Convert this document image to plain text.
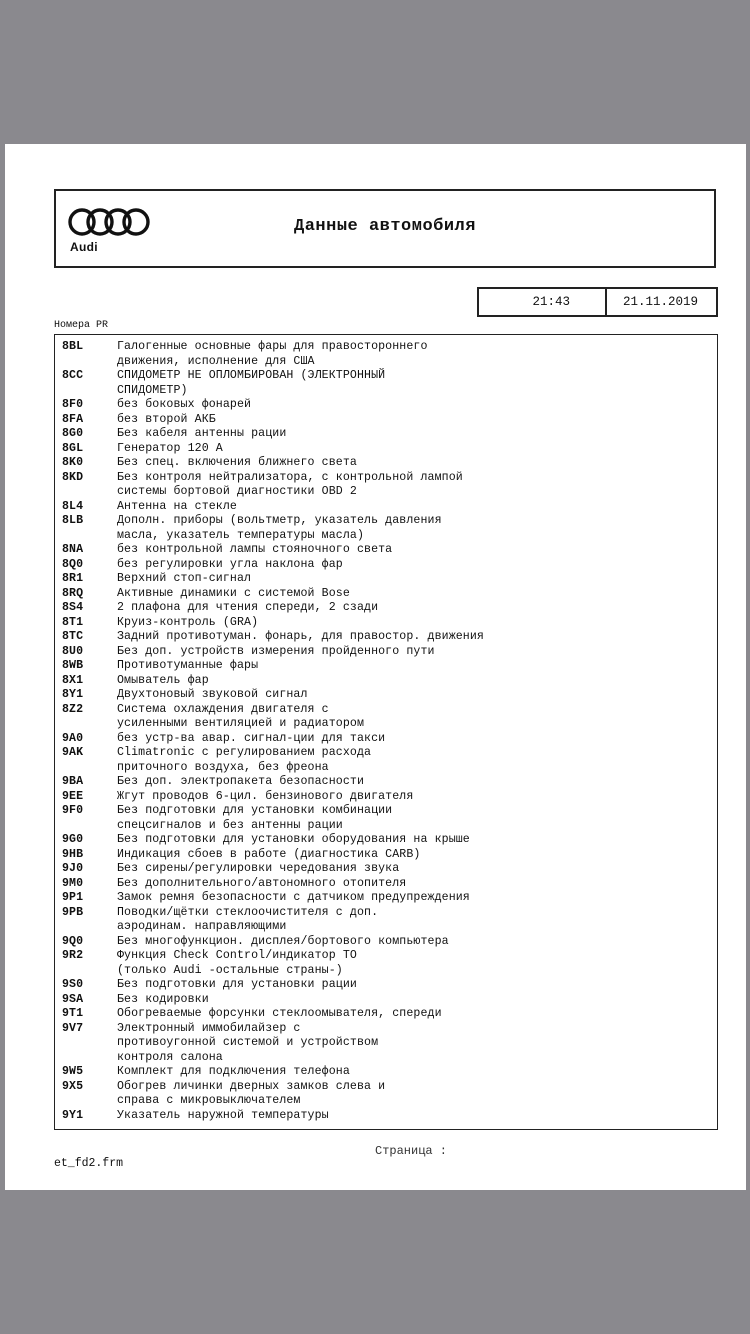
Audi
Данные автомобиля
21:43	21.11.2019
Номера PR
8BL	Галогенные основные фары для правостороннего
движения, исполнение для США
8CC	СПИДОМЕТР НЕ ОПЛОМБИРОВАН (ЭЛЕКТРОННЫЙ
СПИДОМЕТР)
8F0	без боковых фонарей
8FA	без второй АКБ
8G0	Без кабеля антенны рации
8GL	Генератор 120 А
8K0	Без спец. включения ближнего света
8KD	Без контроля нейтрализатора, с контрольной лампой
системы бортовой диагностики OBD 2
8L4	Антенна на стекле
8LB	Дополн. приборы (вольтметр, указатель давления
масла, указатель температуры масла)
8NA	без контрольной лампы стояночного света
8Q0	без регулировки угла наклона фар
8R1	Верхний стоп-сигнал
8RQ	Активные динамики с системой Bose
8S4	2 плафона для чтения спереди, 2 сзади
8T1	Круиз-контроль (GRA)
8TC	Задний противотуман. фонарь, для правостор. движения
8U0	Без доп. устройств измерения пройденного пути
8WB	Противотуманные фары
8X1	Омыватель фар
8Y1	Двухтоновый звуковой сигнал
8Z2	Система охлаждения двигателя с
усиленными вентиляцией и радиатором
9A0	без устр-ва авар. сигнал-ции для такси
9AK	Climatronic с регулированием расхода
приточного воздуха, без фреона
9BA	Без доп. электропакета безопасности
9EE	Жгут проводов 6-цил. бензинового двигателя
9F0	Без подготовки для установки комбинации
спецсигналов и без антенны рации
9G0	Без подготовки для установки оборудования на крыше
9HB	Индикация сбоев в работе (диагностика CARB)
9J0	Без сирены/регулировки чередования звука
9M0	Без дополнительного/автономного отопителя
9P1	Замок ремня безопасности с датчиком предупреждения
9PB	Поводки/щётки стеклоочистителя с доп.
аэродинам. направляющими
9Q0	Без многофункцион. дисплея/бортового компьютера
9R2	Функция Check Control/индикатор ТО
(только Audi -остальные страны-)
9S0	Без подготовки для установки рации
9SA	Без кодировки
9T1	Обогреваемые форсунки стеклоомывателя, спереди
9V7	Электронный иммобилайзер с
противоугонной системой и устройством
контроля салона
9W5	Комплект для подключения телефона
9X5	Обогрев личинки дверных замков слева и
справа с микровыключателем
9Y1	Указатель наружной температуры
Страница :
et_fd2.frm
